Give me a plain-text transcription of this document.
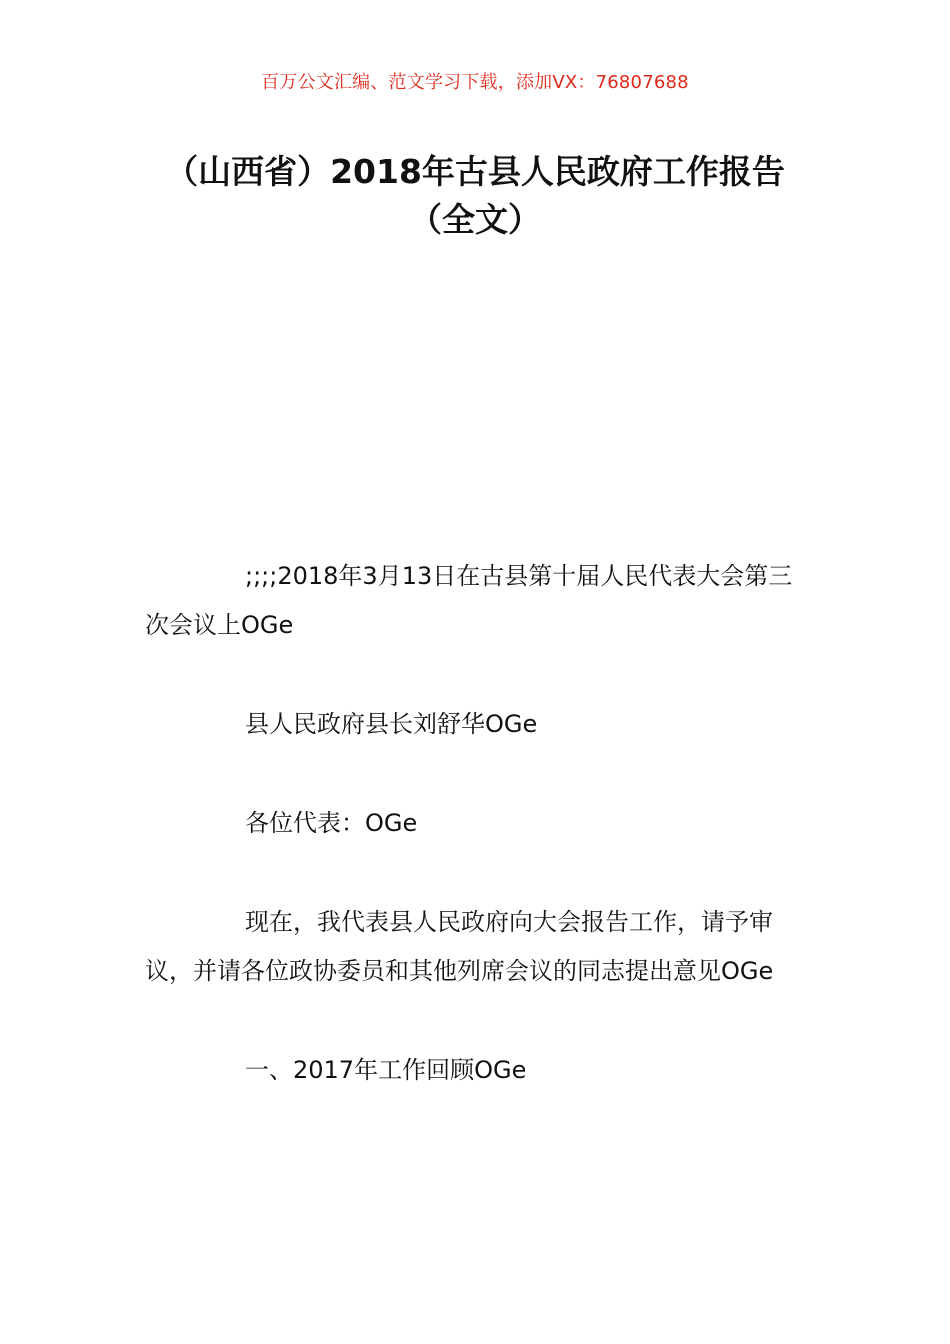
百万公文汇编、范文学习下载，添加VX：76807688
（山西省）2018年古县人民政府工作报告
（全文）

;;;;2018年3月13日在古县第十届人民代表大会第三次会议上OGe

县人民政府县长刘舒华OGe

各位代表：OGe

现在，我代表县人民政府向大会报告工作，请予审议，并请各位政协委员和其他列席会议的同志提出意见OGe

一、2017年工作回顾OGe
